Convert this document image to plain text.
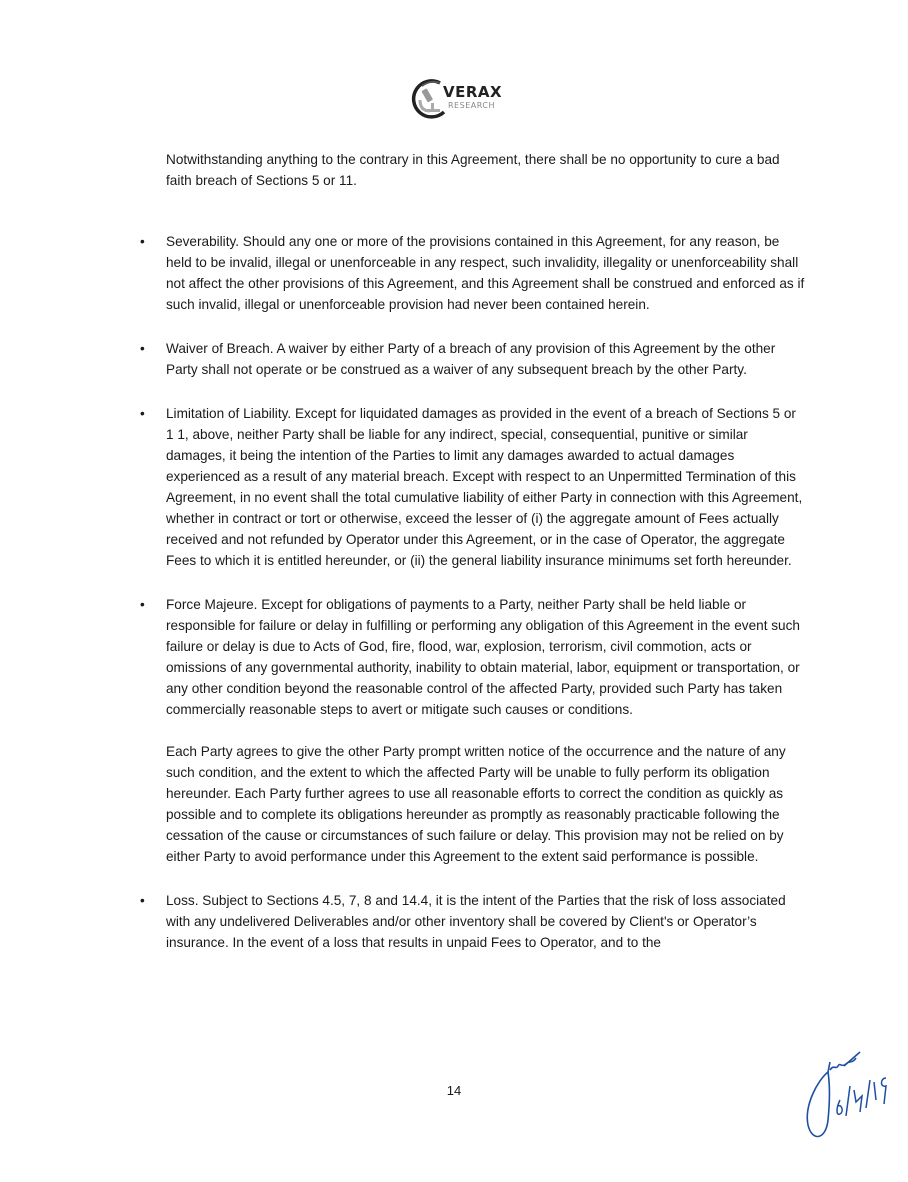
VERAX
RESEARCH

Notwithstanding anything to the contrary in this Agreement, there shall be no opportunity to cure a bad faith breach of Sections 5 or 11.

• Severability. Should any one or more of the provisions contained in this Agreement, for any reason, be held to be invalid, illegal or unenforceable in any respect, such invalidity, illegality or unenforceability shall not affect the other provisions of this Agreement, and this Agreement shall be construed and enforced as if such invalid, illegal or unenforceable provision had never been contained herein.

• Waiver of Breach. A waiver by either Party of a breach of any provision of this Agreement by the other Party shall not operate or be construed as a waiver of any subsequent breach by the other Party.

• Limitation of Liability. Except for liquidated damages as provided in the event of a breach of Sections 5 or 1 1, above, neither Party shall be liable for any indirect, special, consequential, punitive or similar damages, it being the intention of the Parties to limit any damages awarded to actual damages experienced as a result of any material breach. Except with respect to an Unpermitted Termination of this Agreement, in no event shall the total cumulative liability of either Party in connection with this Agreement, whether in contract or tort or otherwise, exceed the lesser of (i) the aggregate amount of Fees actually received and not refunded by Operator under this Agreement, or in the case of Operator, the aggregate Fees to which it is entitled hereunder, or (ii) the general liability insurance minimums set forth hereunder.

• Force Majeure. Except for obligations of payments to a Party, neither Party shall be held liable or responsible for failure or delay in fulfilling or performing any obligation of this Agreement in the event such failure or delay is due to Acts of God, fire, flood, war, explosion, terrorism, civil commotion, acts or omissions of any governmental authority, inability to obtain material, labor, equipment or transportation, or any other condition beyond the reasonable control of the affected Party, provided such Party has taken commercially reasonable steps to avert or mitigate such causes or conditions.

Each Party agrees to give the other Party prompt written notice of the occurrence and the nature of any such condition, and the extent to which the affected Party will be unable to fully perform its obligation hereunder. Each Party further agrees to use all reasonable efforts to correct the condition as quickly as possible and to complete its obligations hereunder as promptly as reasonably practicable following the cessation of the cause or circumstances of such failure or delay. This provision may not be relied on by either Party to avoid performance under this Agreement to the extent said performance is possible.

• Loss. Subject to Sections 4.5, 7, 8 and 14.4, it is the intent of the Parties that the risk of loss associated with any undelivered Deliverables and/or other inventory shall be covered by Client's or Operator’s insurance. In the event of a loss that results in unpaid Fees to Operator, and to the

14
